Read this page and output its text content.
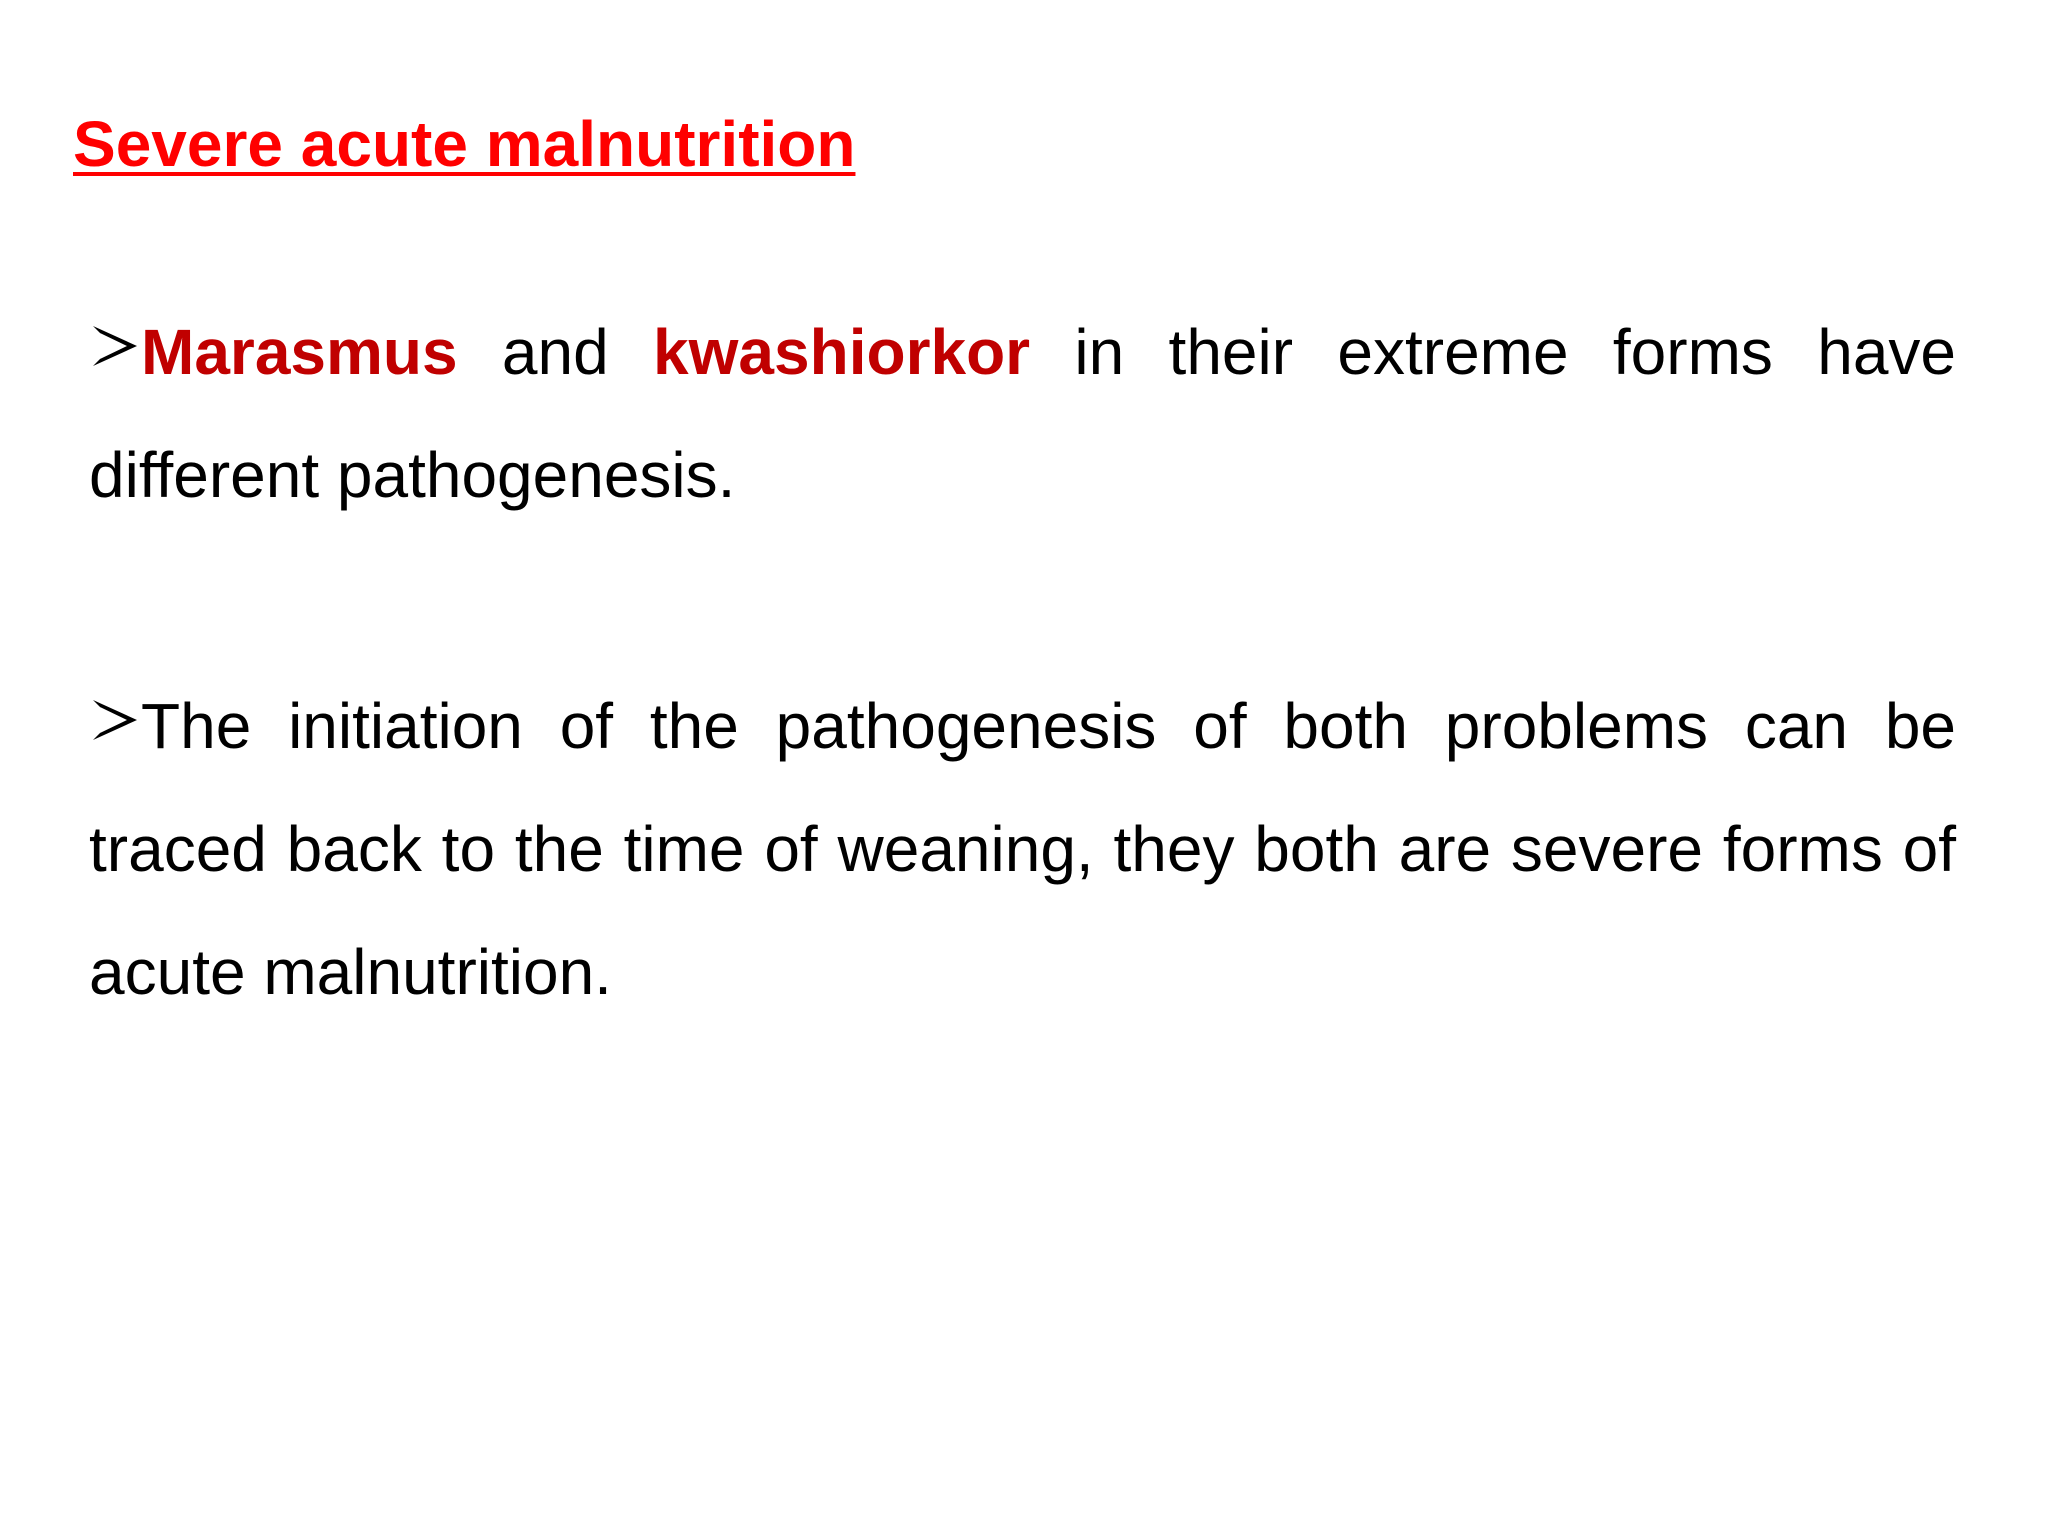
Severe acute malnutrition

Marasmus and kwashiorkor in their extreme forms have different pathogenesis.

The initiation of the pathogenesis of both problems can be traced back to the time of weaning, they both are severe forms of acute malnutrition.
